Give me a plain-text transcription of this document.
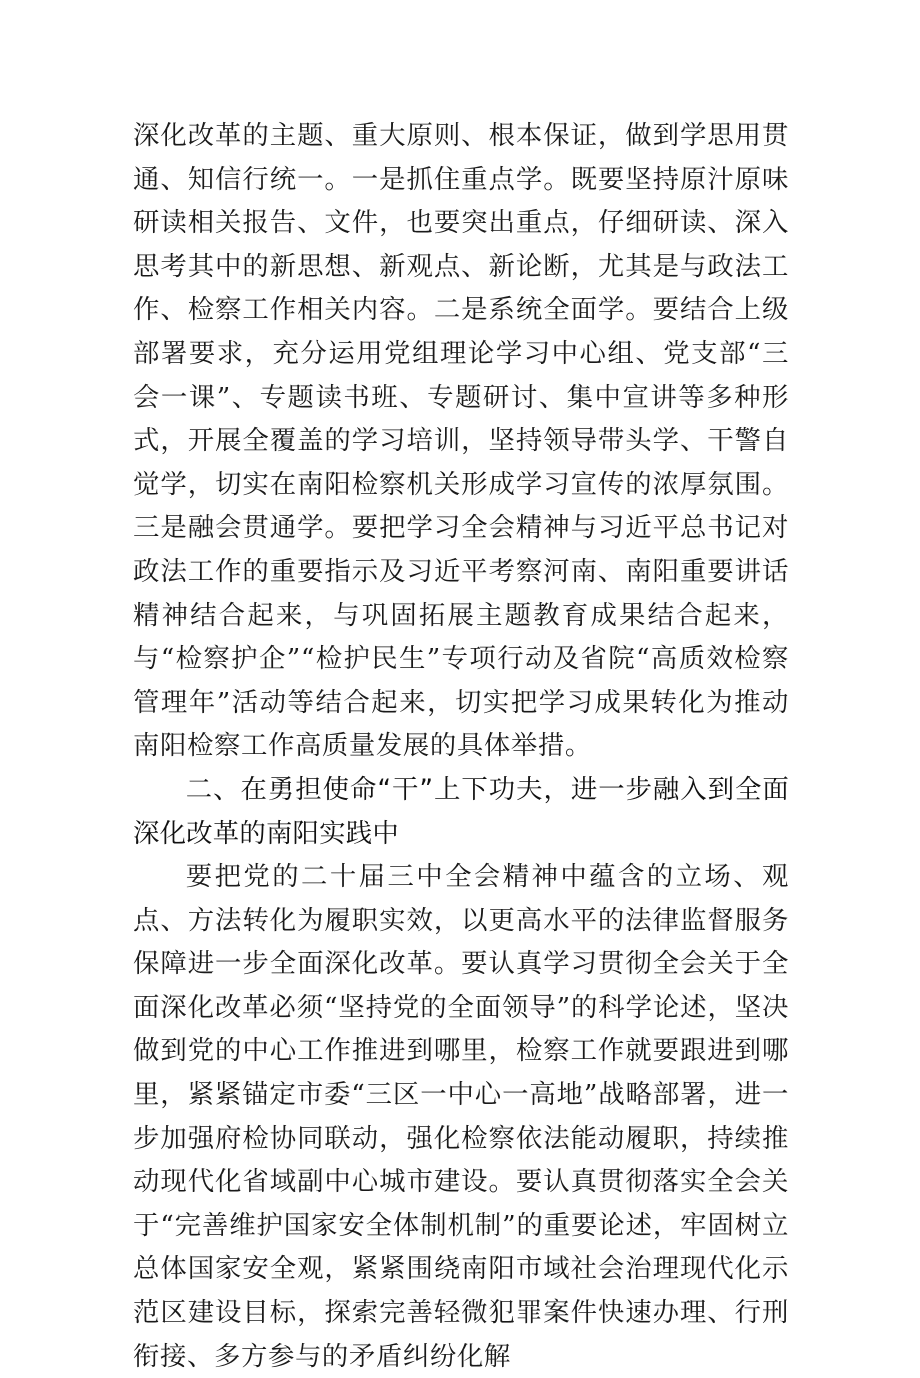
深化改革的主题、重大原则、根本保证，做到学思用贯通、知信行统一。一是抓住重点学。既要坚持原汁原味研读相关报告、文件，也要突出重点，仔细研读、深入思考其中的新思想、新观点、新论断，尤其是与政法工作、检察工作相关内容。二是系统全面学。要结合上级部署要求，充分运用党组理论学习中心组、党支部“三会一课”、专题读书班、专题研讨、集中宣讲等多种形式，开展全覆盖的学习培训，坚持领导带头学、干警自觉学，切实在南阳检察机关形成学习宣传的浓厚氛围。三是融会贯通学。要把学习全会精神与习近平总书记对政法工作的重要指示及习近平考察河南、南阳重要讲话精神结合起来，与巩固拓展主题教育成果结合起来，与“检察护企”“检护民生”专项行动及省院“高质效检察管理年”活动等结合起来，切实把学习成果转化为推动南阳检察工作高质量发展的具体举措。

二、在勇担使命“干”上下功夫，进一步融入到全面深化改革的南阳实践中

要把党的二十届三中全会精神中蕴含的立场、观点、方法转化为履职实效，以更高水平的法律监督服务保障进一步全面深化改革。要认真学习贯彻全会关于全面深化改革必须“坚持党的全面领导”的科学论述，坚决做到党的中心工作推进到哪里，检察工作就要跟进到哪里，紧紧锚定市委“三区一中心一高地”战略部署，进一步加强府检协同联动，强化检察依法能动履职，持续推动现代化省域副中心城市建设。要认真贯彻落实全会关于“完善维护国家安全体制机制”的重要论述，牢固树立总体国家安全观，紧紧围绕南阳市域社会治理现代化示范区建设目标，探索完善轻微犯罪案件快速办理、行刑衔接、多方参与的矛盾纠纷化解
